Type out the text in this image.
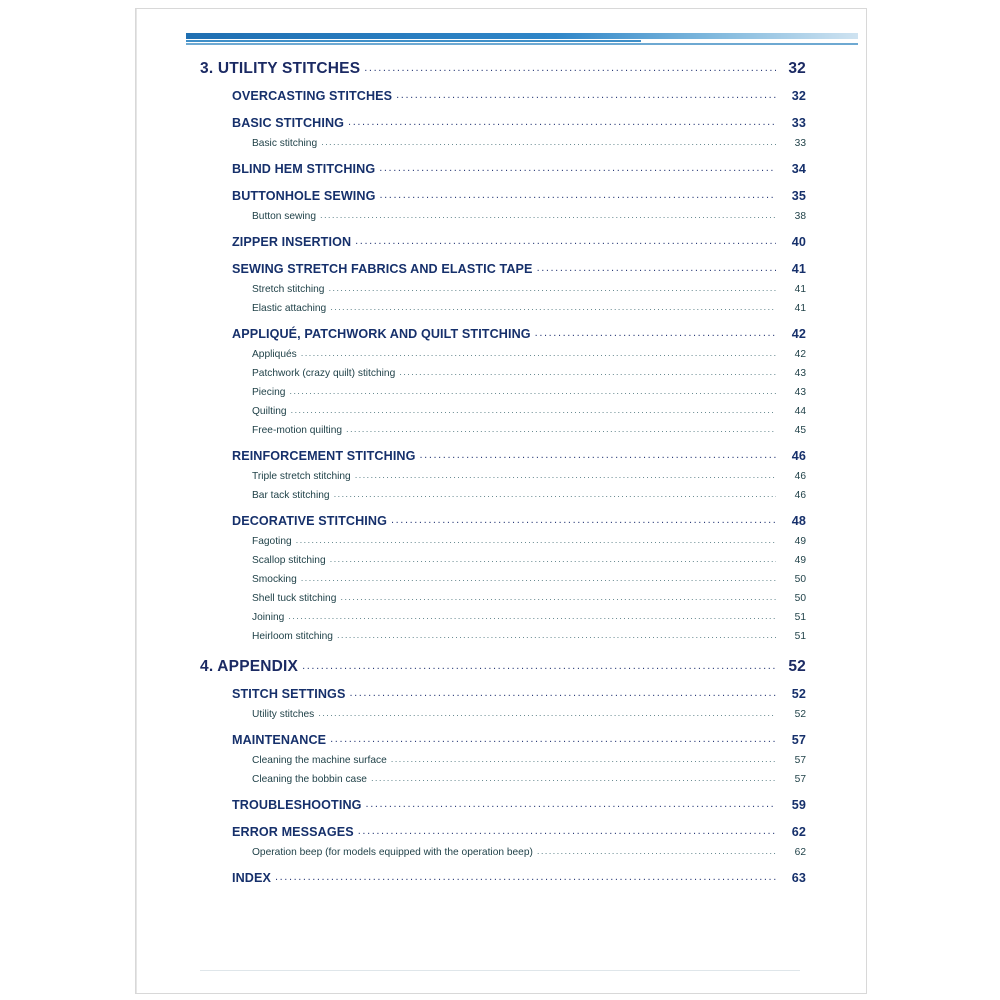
3. UTILITY STITCHES .....	32
OVERCASTING STITCHES .....	32
BASIC STITCHING .....	33
Basic stitching .....	33
BLIND HEM STITCHING .....	34
BUTTONHOLE SEWING .....	35
Button sewing .....	38
ZIPPER INSERTION .....	40
SEWING STRETCH FABRICS AND ELASTIC TAPE .....	41
Stretch stitching .....	41
Elastic attaching .....	41
APPLIQUÉ, PATCHWORK AND QUILT STITCHING .....	42
Appliqués .....	42
Patchwork (crazy quilt) stitching .....	43
Piecing .....	43
Quilting .....	44
Free-motion quilting .....	45
REINFORCEMENT STITCHING .....	46
Triple stretch stitching .....	46
Bar tack stitching .....	46
DECORATIVE STITCHING .....	48
Fagoting .....	49
Scallop stitching .....	49
Smocking .....	50
Shell tuck stitching .....	50
Joining .....	51
Heirloom stitching .....	51
4. APPENDIX .....	52
STITCH SETTINGS .....	52
Utility stitches .....	52
MAINTENANCE .....	57
Cleaning the machine surface .....	57
Cleaning the bobbin case .....	57
TROUBLESHOOTING .....	59
ERROR MESSAGES .....	62
Operation beep (for models equipped with the operation beep) .....	62
INDEX .....	63
